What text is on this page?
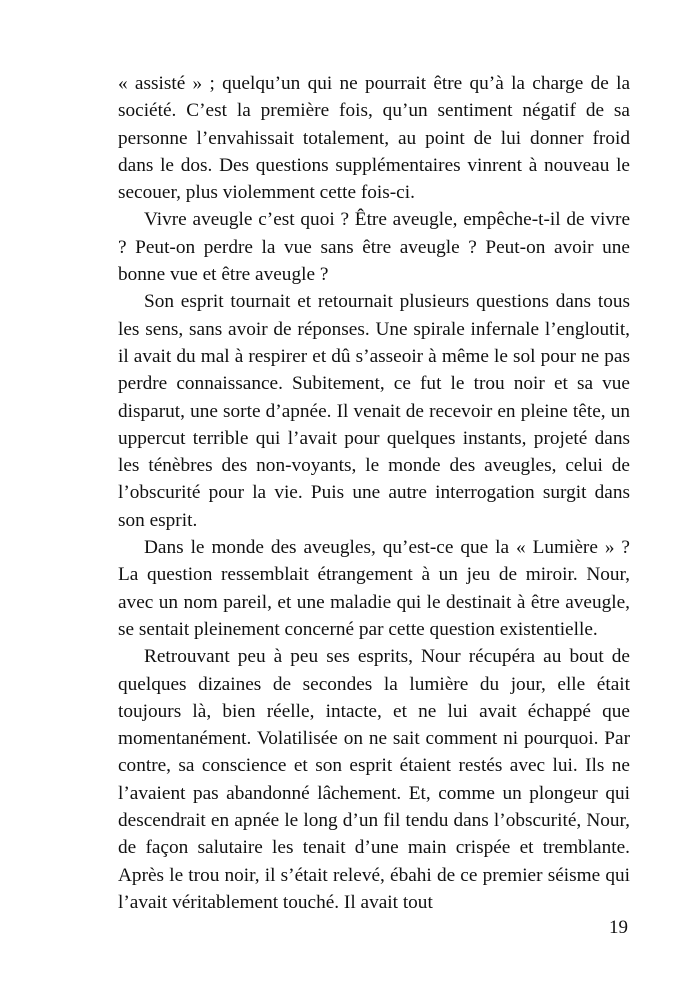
« assisté » ; quelqu’un qui ne pourrait être qu’à la charge de la société. C’est la première fois, qu’un sentiment négatif de sa personne l’envahissait totalement, au point de lui donner froid dans le dos. Des questions supplémentaires vinrent à nouveau le secouer, plus violemment cette fois-ci.

Vivre aveugle c’est quoi ? Être aveugle, empêche-t-il de vivre ? Peut-on perdre la vue sans être aveugle ? Peut-on avoir une bonne vue et être aveugle ?

Son esprit tournait et retournait plusieurs questions dans tous les sens, sans avoir de réponses. Une spirale infernale l’engloutit, il avait du mal à respirer et dû s’asseoir à même le sol pour ne pas perdre connaissance. Subitement, ce fut le trou noir et sa vue disparut, une sorte d’apnée. Il venait de recevoir en pleine tête, un uppercut terrible qui l’avait pour quelques instants, projeté dans les ténèbres des non-voyants, le monde des aveugles, celui de l’obscurité pour la vie. Puis une autre interrogation surgit dans son esprit.

Dans le monde des aveugles, qu’est-ce que la « Lumière » ? La question ressemblait étrangement à un jeu de miroir. Nour, avec un nom pareil, et une maladie qui le destinait à être aveugle, se sentait pleinement concerné par cette question existentielle.

Retrouvant peu à peu ses esprits, Nour récupéra au bout de quelques dizaines de secondes la lumière du jour, elle était toujours là, bien réelle, intacte, et ne lui avait échappé que momentanément. Volatilisée on ne sait comment ni pourquoi. Par contre, sa conscience et son esprit étaient restés avec lui. Ils ne l’avaient pas abandonné lâchement. Et, comme un plongeur qui descendrait en apnée le long d’un fil tendu dans l’obscurité, Nour, de façon salutaire les tenait d’une main crispée et tremblante. Après le trou noir, il s’était relevé, ébahi de ce premier séisme qui l’avait véritablement touché. Il avait tout

19
